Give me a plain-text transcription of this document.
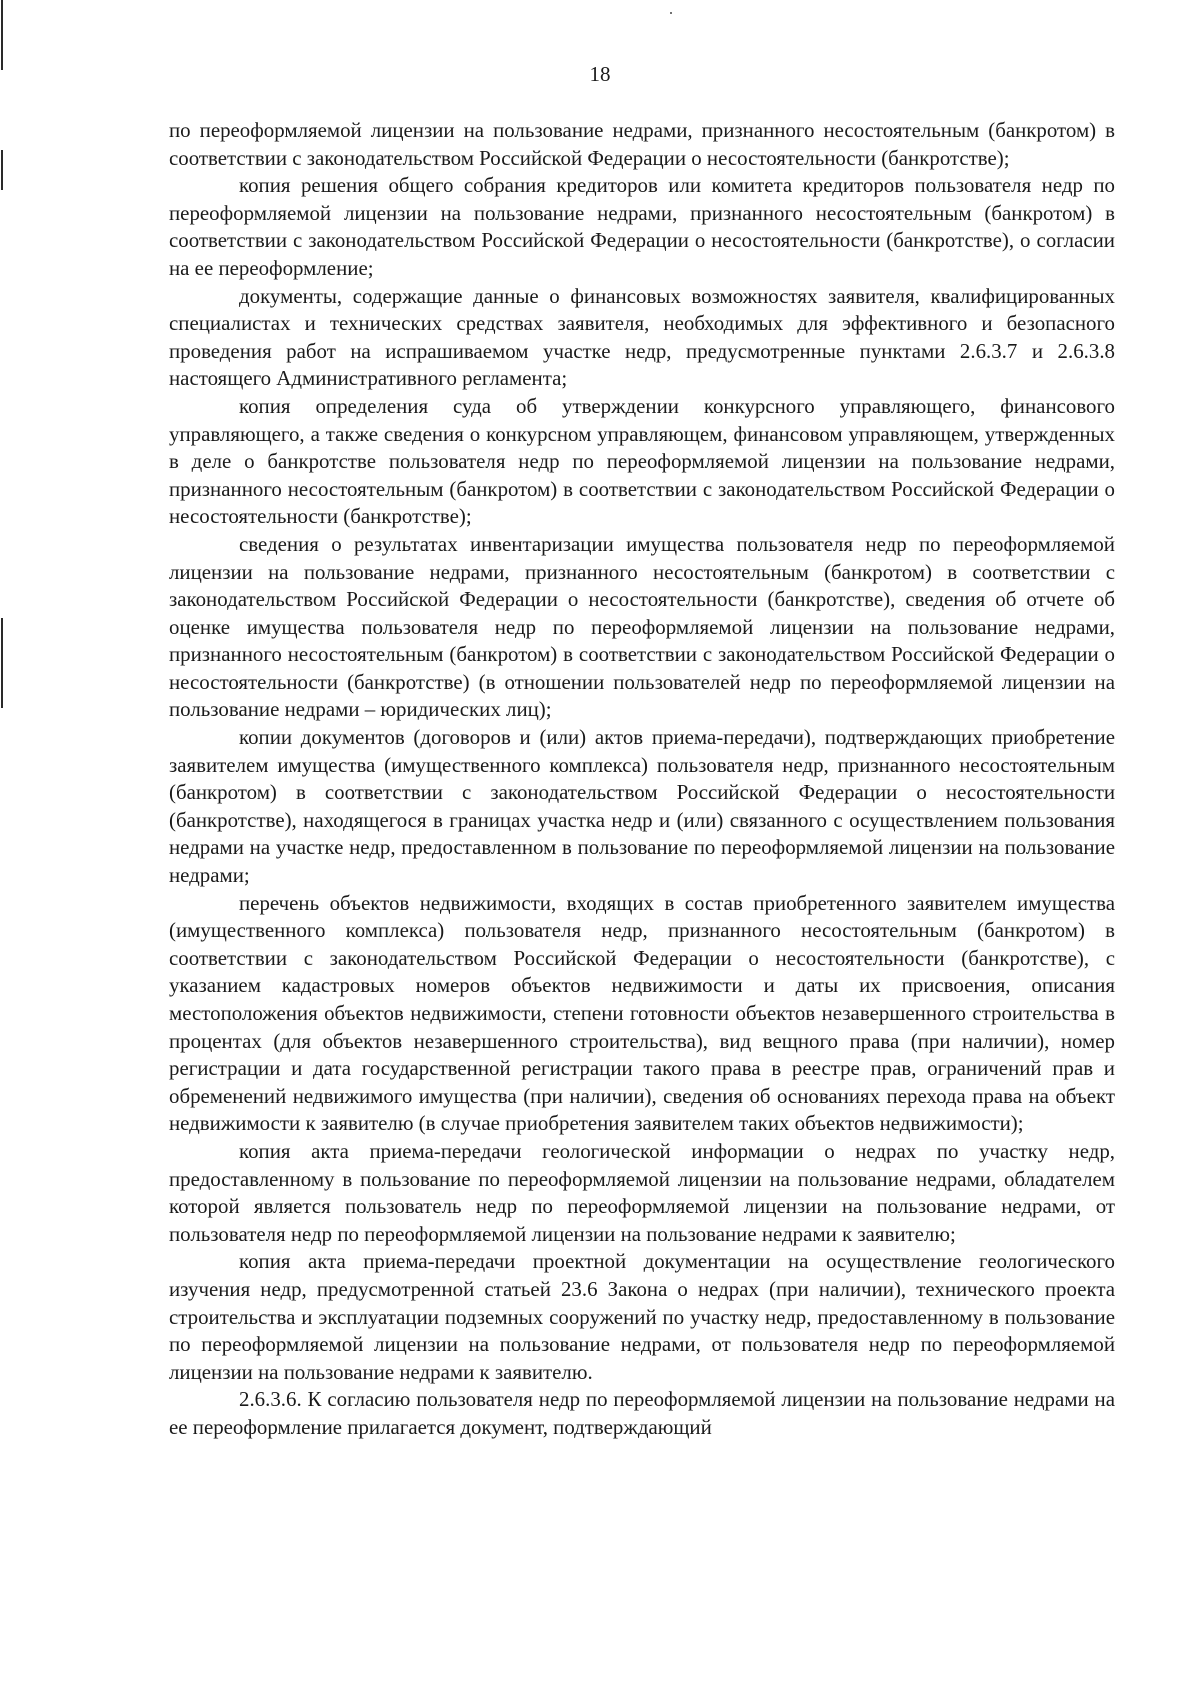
18

по переоформляемой лицензии на пользование недрами, признанного несостоятельным (банкротом) в соответствии с законодательством Российской Федерации о несостоятельности (банкротстве);

копия решения общего собрания кредиторов или комитета кредиторов пользователя недр по переоформляемой лицензии на пользование недрами, признанного несостоятельным (банкротом) в соответствии с законодательством Российской Федерации о несостоятельности (банкротстве), о согласии на ее переоформление;

документы, содержащие данные о финансовых возможностях заявителя, квалифицированных специалистах и технических средствах заявителя, необходимых для эффективного и безопасного проведения работ на испрашиваемом участке недр, предусмотренные пунктами 2.6.3.7 и 2.6.3.8 настоящего Административного регламента;

копия определения суда об утверждении конкурсного управляющего, финансового управляющего, а также сведения о конкурсном управляющем, финансовом управляющем, утвержденных в деле о банкротстве пользователя недр по переоформляемой лицензии на пользование недрами, признанного несостоятельным (банкротом) в соответствии с законодательством Российской Федерации о несостоятельности (банкротстве);

сведения о результатах инвентаризации имущества пользователя недр по переоформляемой лицензии на пользование недрами, признанного несостоятельным (банкротом) в соответствии с законодательством Российской Федерации о несостоятельности (банкротстве), сведения об отчете об оценке имущества пользователя недр по переоформляемой лицензии на пользование недрами, признанного несостоятельным (банкротом) в соответствии с законодательством Российской Федерации о несостоятельности (банкротстве) (в отношении пользователей недр по переоформляемой лицензии на пользование недрами – юридических лиц);

копии документов (договоров и (или) актов приема-передачи), подтверждающих приобретение заявителем имущества (имущественного комплекса) пользователя недр, признанного несостоятельным (банкротом) в соответствии с законодательством Российской Федерации о несостоятельности (банкротстве), находящегося в границах участка недр и (или) связанного с осуществлением пользования недрами на участке недр, предоставленном в пользование по переоформляемой лицензии на пользование недрами;

перечень объектов недвижимости, входящих в состав приобретенного заявителем имущества (имущественного комплекса) пользователя недр, признанного несостоятельным (банкротом) в соответствии с законодательством Российской Федерации о несостоятельности (банкротстве), с указанием кадастровых номеров объектов недвижимости и даты их присвоения, описания местоположения объектов недвижимости, степени готовности объектов незавершенного строительства в процентах (для объектов незавершенного строительства), вид вещного права (при наличии), номер регистрации и дата государственной регистрации такого права в реестре прав, ограничений прав и обременений недвижимого имущества (при наличии), сведения об основаниях перехода права на объект недвижимости к заявителю (в случае приобретения заявителем таких объектов недвижимости);

копия акта приема-передачи геологической информации о недрах по участку недр, предоставленному в пользование по переоформляемой лицензии на пользование недрами, обладателем которой является пользователь недр по переоформляемой лицензии на пользование недрами, от пользователя недр по переоформляемой лицензии на пользование недрами к заявителю;

копия акта приема-передачи проектной документации на осуществление геологического изучения недр, предусмотренной статьей 23.6 Закона о недрах (при наличии), технического проекта строительства и эксплуатации подземных сооружений по участку недр, предоставленному в пользование по переоформляемой лицензии на пользование недрами, от пользователя недр по переоформляемой лицензии на пользование недрами к заявителю.

2.6.3.6. К согласию пользователя недр по переоформляемой лицензии на пользование недрами на ее переоформление прилагается документ, подтверждающий
